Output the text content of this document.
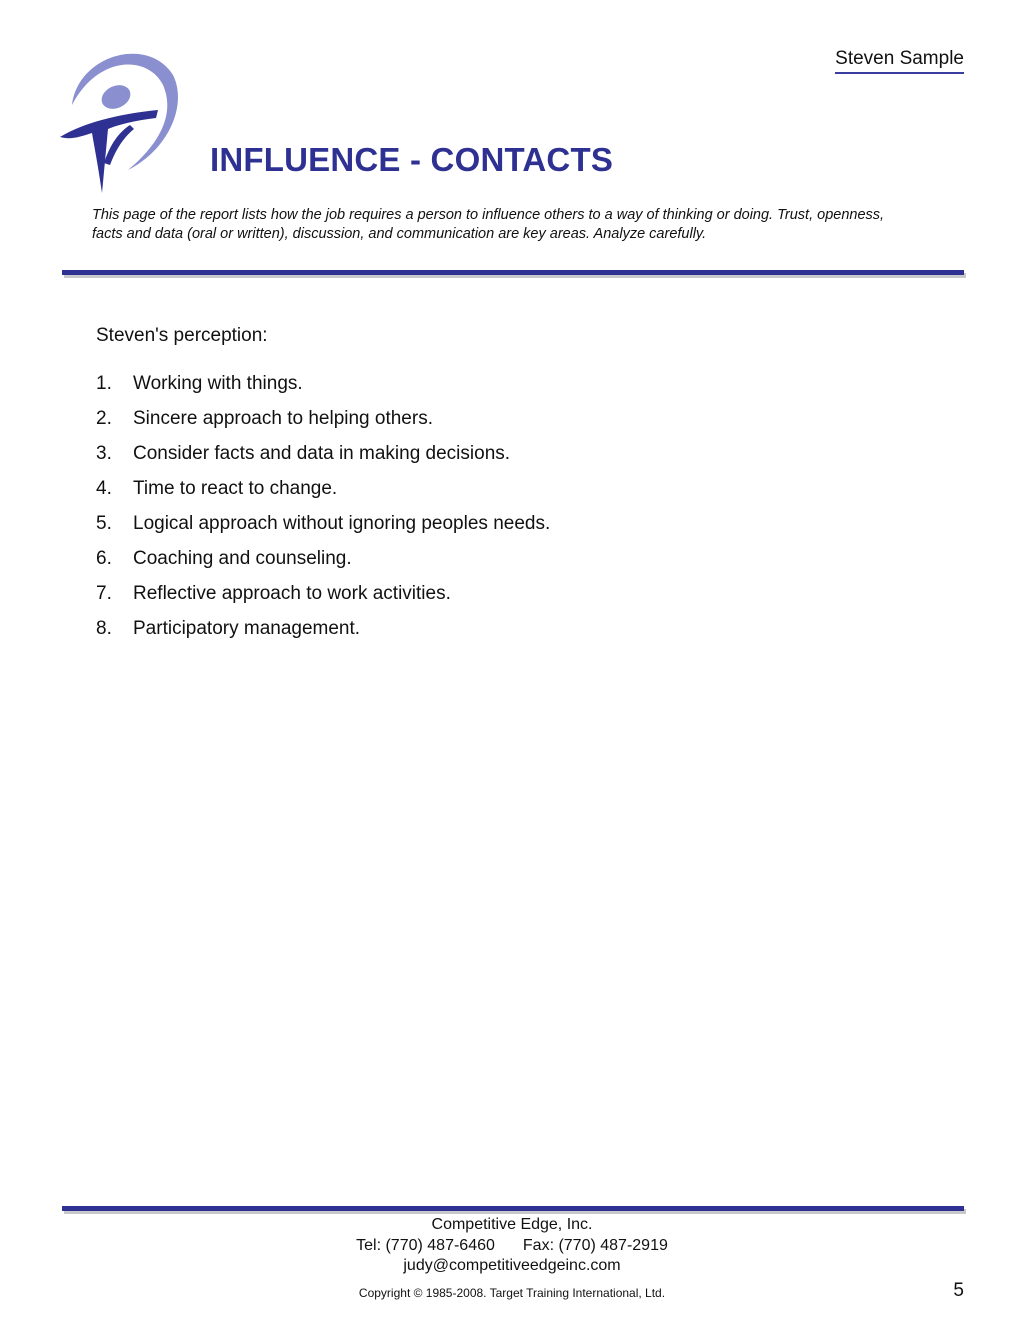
Steven Sample
INFLUENCE - CONTACTS
This page of the report lists how the job requires a person to influence others to a way of thinking or doing. Trust, openness, facts and data (oral or written), discussion, and communication are key areas. Analyze carefully.
Steven's perception:
1.	Working with things.
2.	Sincere approach to helping others.
3.	Consider facts and data in making decisions.
4.	Time to react to change.
5.	Logical approach without ignoring peoples needs.
6.	Coaching and counseling.
7.	Reflective approach to work activities.
8.	Participatory management.
Competitive Edge, Inc.
Tel: (770) 487-6460 Fax: (770) 487-2919
judy@competitiveedgeinc.com
Copyright © 1985-2008. Target Training International, Ltd.	5
